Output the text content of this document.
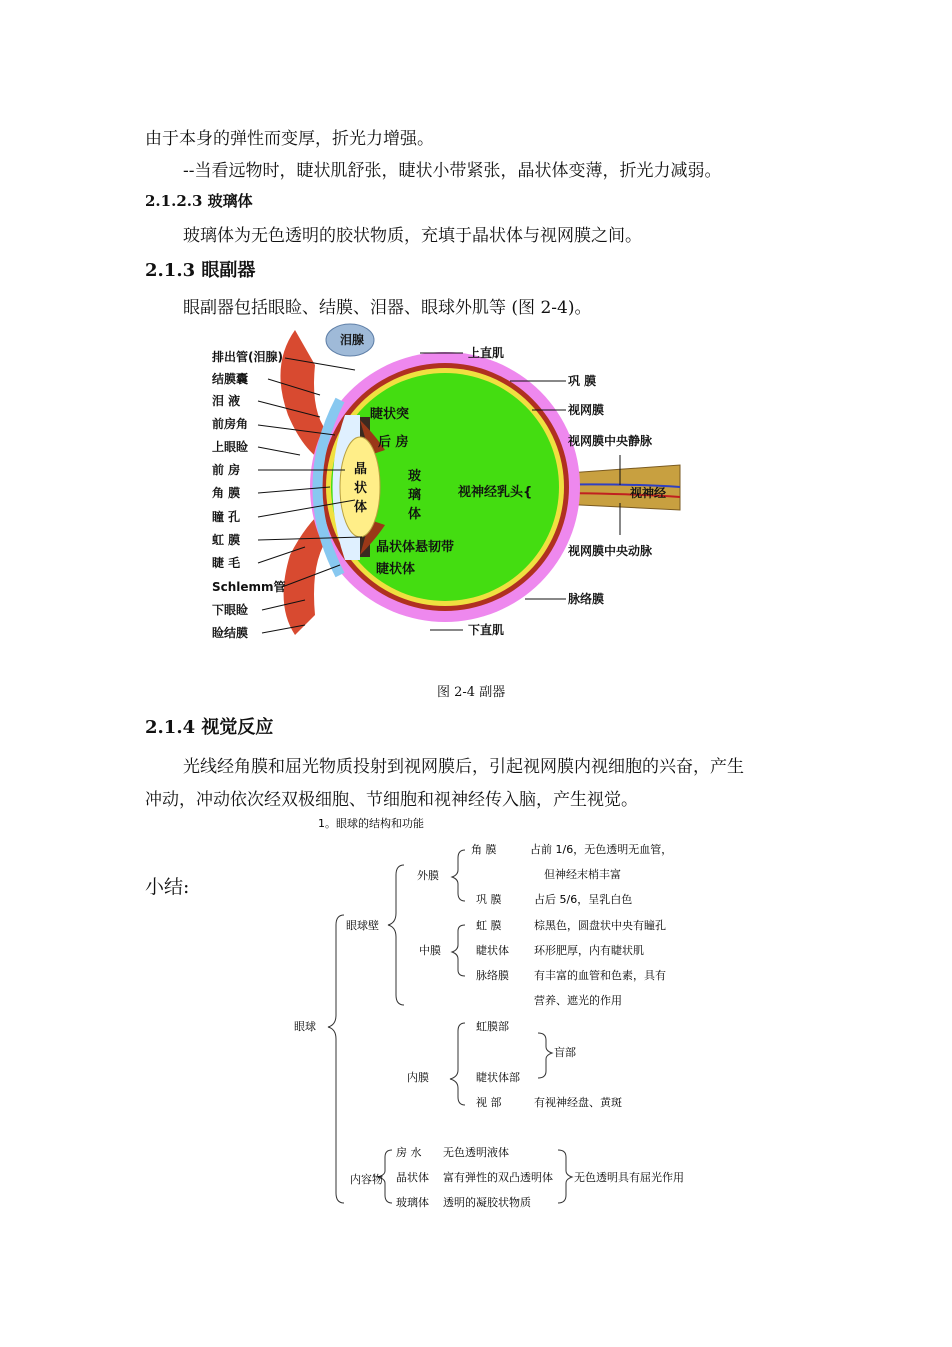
由于本身的弹性而变厚，折光力增强。
--当看远物时，睫状肌舒张，睫状小带紧张，晶状体变薄，折光力减弱。
2.1.2.3 玻璃体
玻璃体为无色透明的胶状物质，充填于晶状体与视网膜之间。
2.1.3 眼副器
眼副器包括眼睑、结膜、泪器、眼球外肌等 (图 2-4)。
排出管(泪腺)
结膜囊
泪 液
前房角
上眼睑
前 房
角 膜
瞳 孔
虹 膜
睫 毛
Schlemm管
下眼睑
睑结膜
泪腺
上直肌
巩 膜
视网膜
视网膜中央静脉
视神经
视网膜中央动脉
脉络膜
下直肌
睫状突
后 房
晶
状
体
玻
璃
体
视神经乳头{
晶状体悬韧带
睫状体
图 2-4 副器
2.1.4 视觉反应
光线经角膜和屈光物质投射到视网膜后，引起视网膜内视细胞的兴奋，产生
冲动，冲动依次经双极细胞、节细胞和视神经传入脑，产生视觉。
小结:
1。眼球的结构和功能
眼球
眼球壁
外膜
角 膜	占前 1/6，无色透明无血管，
但神经末梢丰富
巩 膜	占后 5/6，呈乳白色
中膜
虹 膜	棕黑色，圆盘状中央有瞳孔
睫状体 环形肥厚，内有睫状肌
脉络膜 有丰富的血管和色素，具有
营养、遮光的作用
内膜
虹膜部
睫状体部
视 部	有视神经盘、黄斑
盲部
内容物
房 水 无色透明液体
晶状体 富有弹性的双凸透明体
玻璃体 透明的凝胶状物质
无色透明具有屈光作用
